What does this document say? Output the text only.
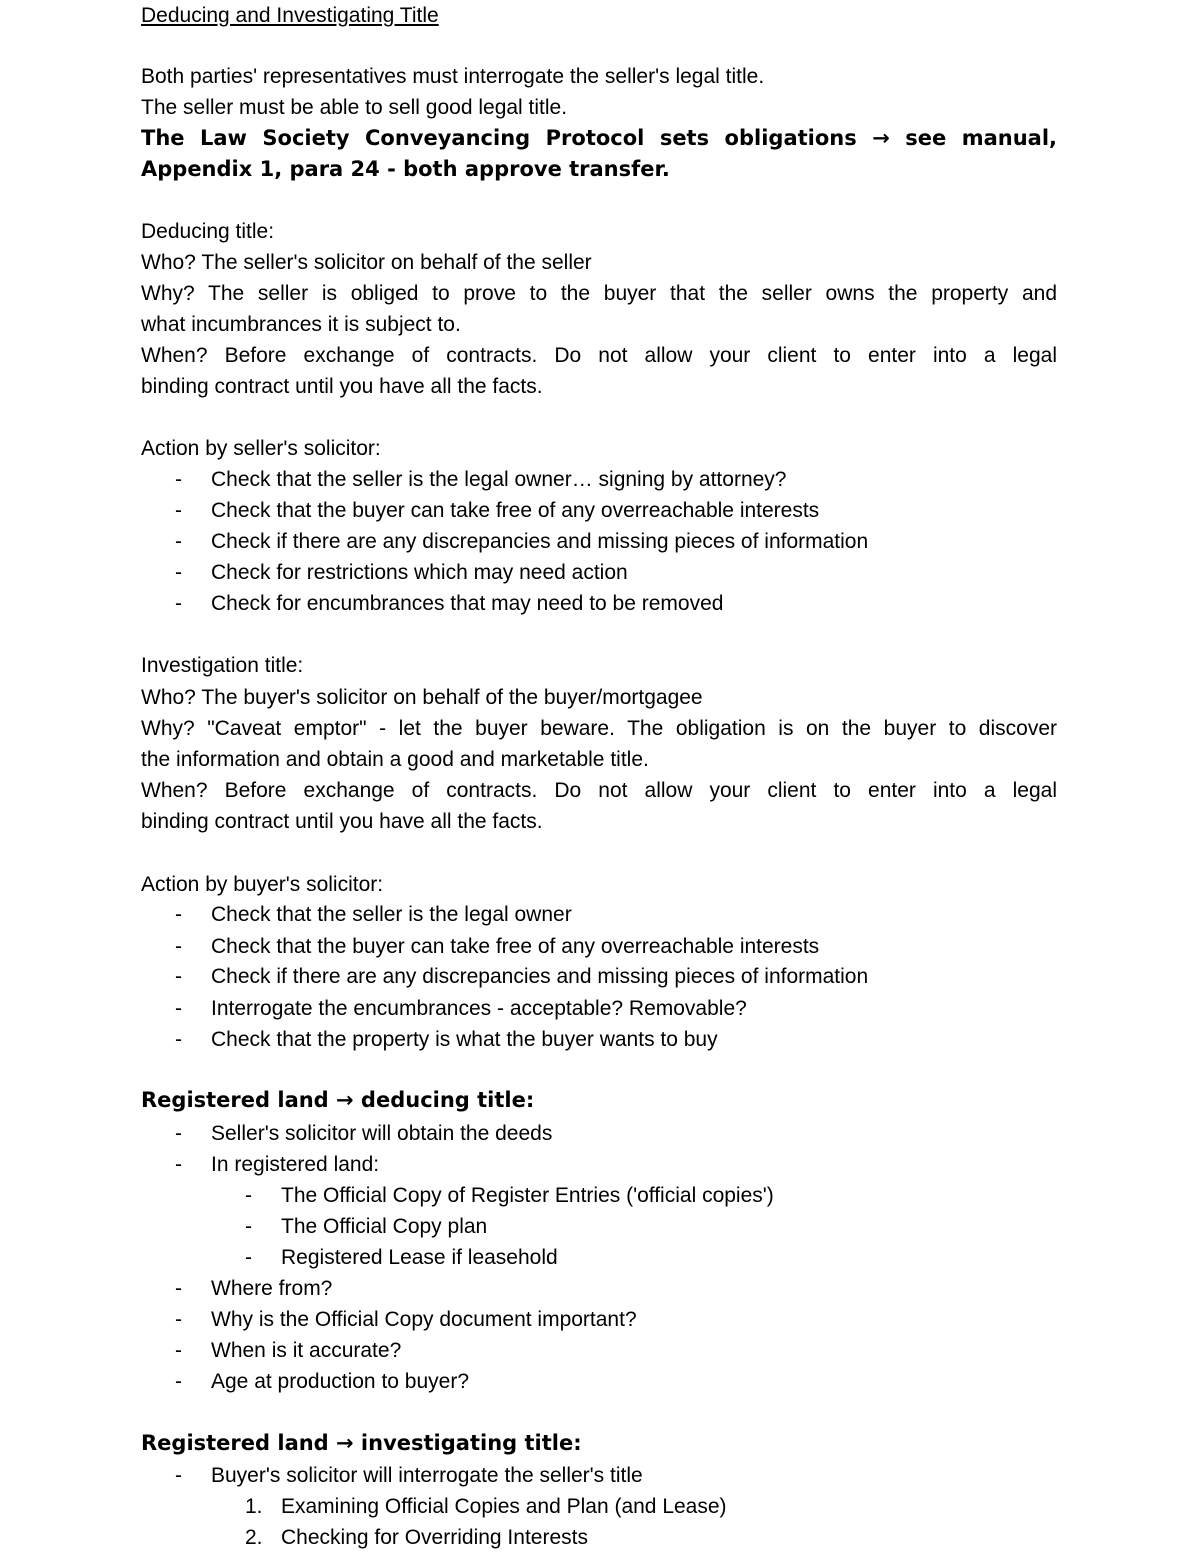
Deducing and Investigating Title
Both parties' representatives must interrogate the seller's legal title.
The seller must be able to sell good legal title.
The Law Society Conveyancing Protocol sets obligations → see manual,
Appendix 1, para 24 - both approve transfer.
Deducing title:
Who? The seller's solicitor on behalf of the seller
Why? The seller is obliged to prove to the buyer that the seller owns the property and
what incumbrances it is subject to.
When? Before exchange of contracts. Do not allow your client to enter into a legal
binding contract until you have all the facts.
Action by seller's solicitor:
- Check that the seller is the legal owner… signing by attorney?
- Check that the buyer can take free of any overreachable interests
- Check if there are any discrepancies and missing pieces of information
- Check for restrictions which may need action
- Check for encumbrances that may need to be removed
Investigation title:
Who? The buyer's solicitor on behalf of the buyer/mortgagee
Why? "Caveat emptor" - let the buyer beware. The obligation is on the buyer to discover
the information and obtain a good and marketable title.
When? Before exchange of contracts. Do not allow your client to enter into a legal
binding contract until you have all the facts.
Action by buyer's solicitor:
- Check that the seller is the legal owner
- Check that the buyer can take free of any overreachable interests
- Check if there are any discrepancies and missing pieces of information
- Interrogate the encumbrances - acceptable? Removable?
- Check that the property is what the buyer wants to buy
Registered land → deducing title:
- Seller's solicitor will obtain the deeds
- In registered land:
- The Official Copy of Register Entries ('official copies')
- The Official Copy plan
- Registered Lease if leasehold
- Where from?
- Why is the Official Copy document important?
- When is it accurate?
- Age at production to buyer?
Registered land → investigating title:
- Buyer's solicitor will interrogate the seller's title
1. Examining Official Copies and Plan (and Lease)
2. Checking for Overriding Interests
